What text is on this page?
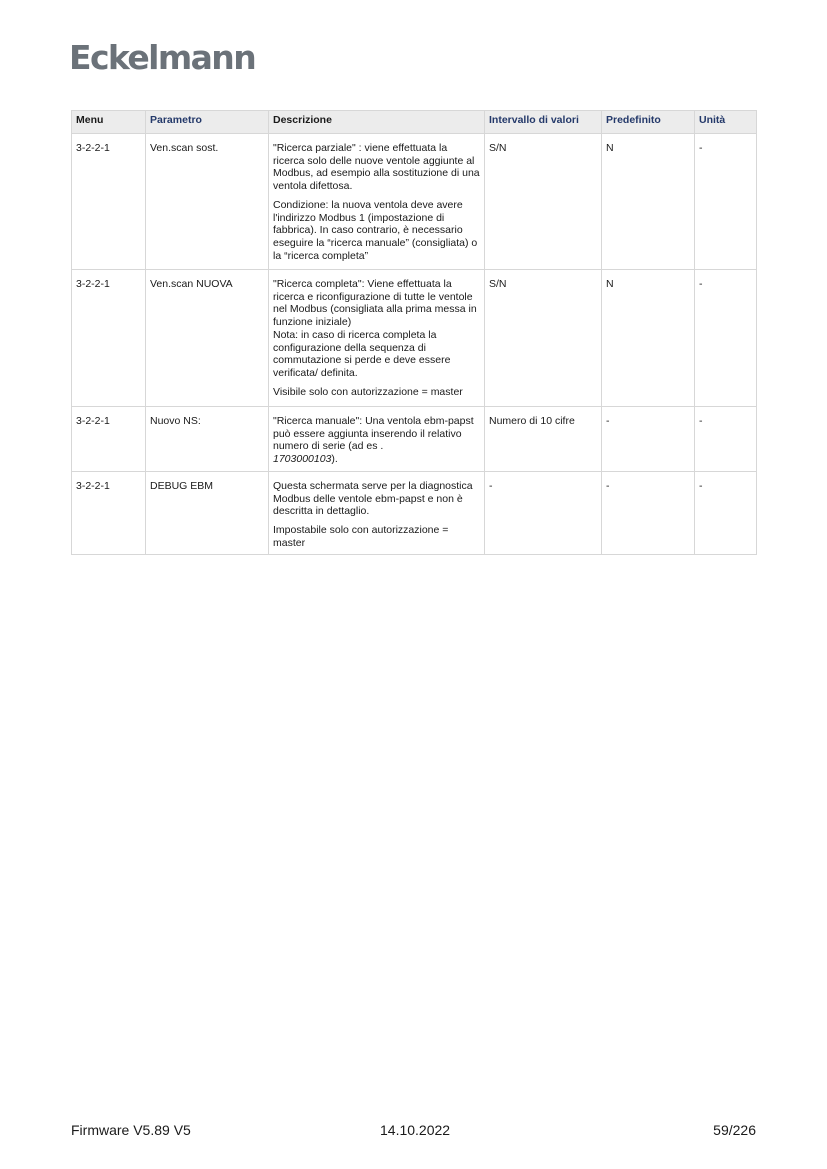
Eckelmann
Menu	Parametro	Descrizione	Intervallo di valori	Predefinito	Unità
3-2-2-1	Ven.scan sost.	"Ricerca parziale" : viene effettuata la ricerca solo delle nuove ventole aggiunte al Modbus, ad esempio alla sostituzione di una ventola difettosa.

Condizione: la nuova ventola deve avere l'indirizzo Modbus 1 (impostazione di fabbrica). In caso contrario, è necessario eseguire la “ricerca manuale” (consigliata) o la “ricerca completa”	S/N	N	-
3-2-2-1	Ven.scan NUOVA	"Ricerca completa": Viene effettuata la ricerca e riconfigurazione di tutte le ventole nel Modbus (consigliata alla prima messa in funzione iniziale)

Nota: in caso di ricerca completa la configurazione della sequenza di commutazione si perde e deve essere verificata/ definita.

Visibile solo con autorizzazione = master	S/N	N	-
3-2-2-1	Nuovo NS:	"Ricerca manuale": Una ventola ebm-papst può essere aggiunta inserendo il relativo numero di serie (ad es .
1703000103).	Numero di 10 cifre	-	-
3-2-2-1	DEBUG EBM	Questa schermata serve per la diagnostica Modbus delle ventole ebm-papst e non è descritta in dettaglio.

Impostabile solo con autorizzazione = master	-	-	-
Firmware V5.89 V5	14.10.2022	59/226
